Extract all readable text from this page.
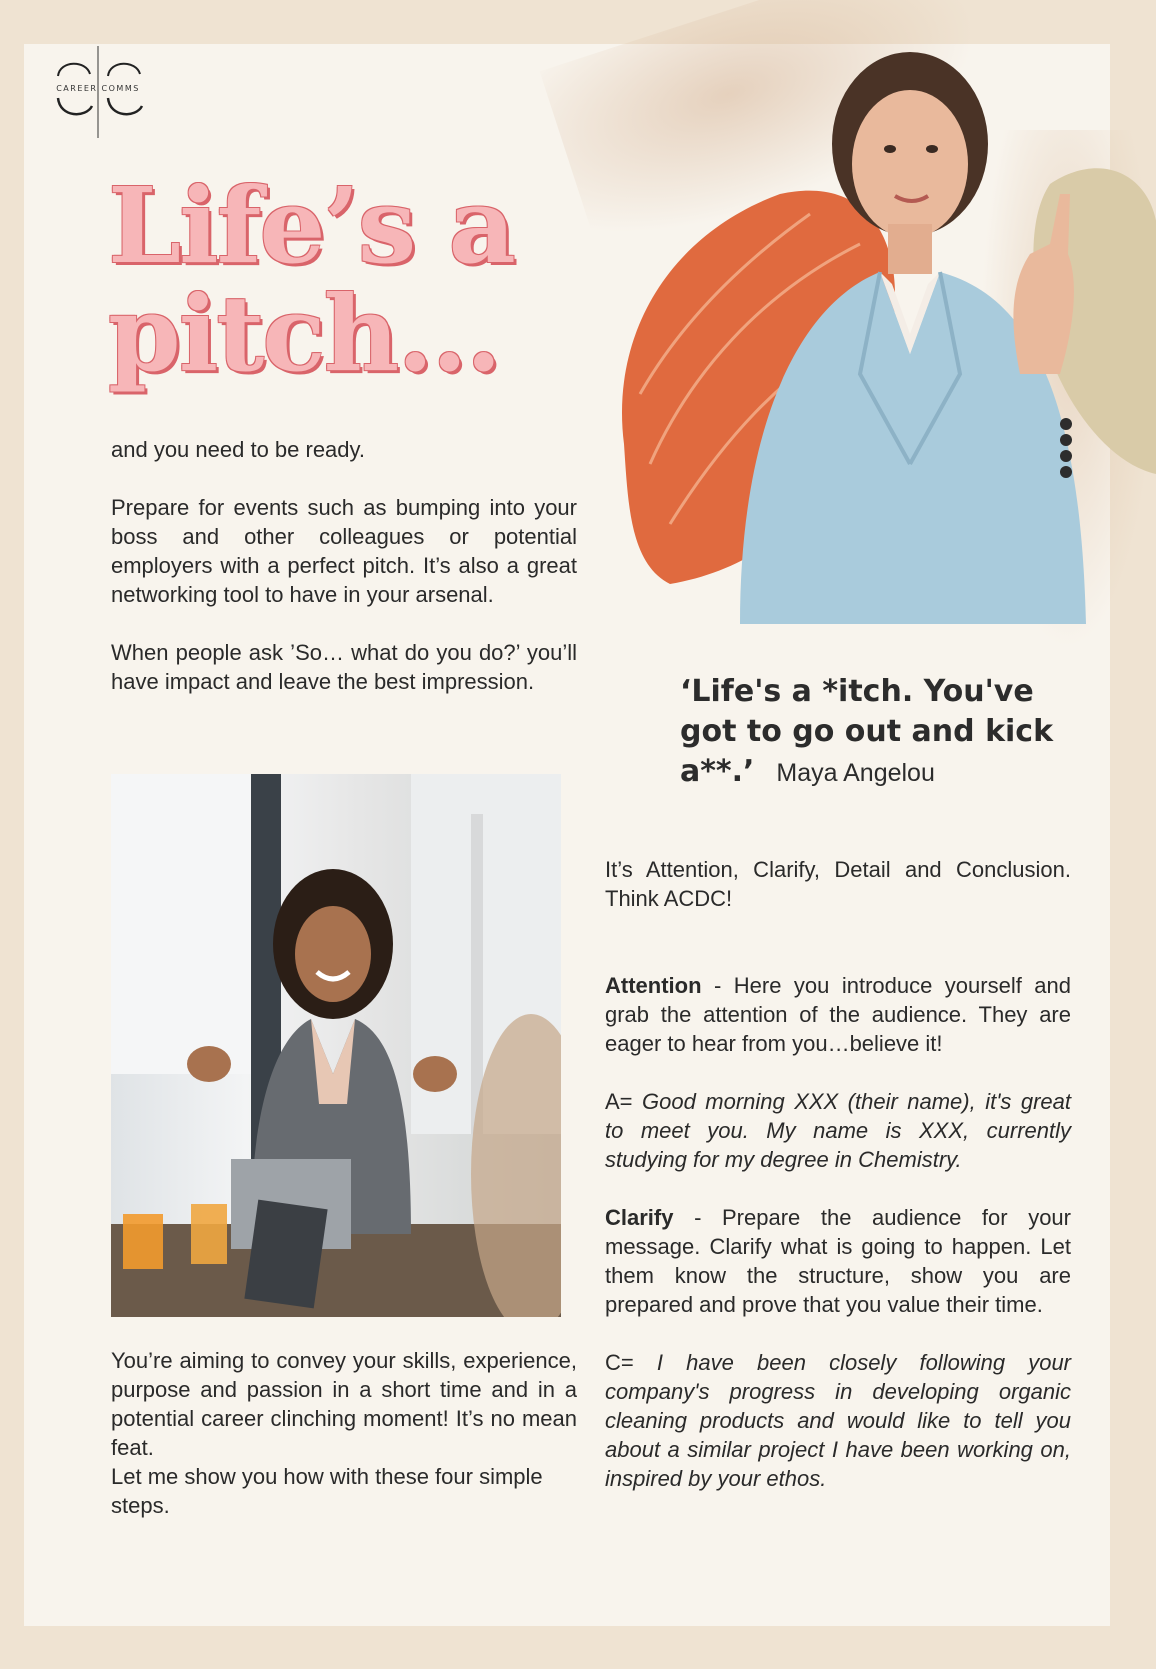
CAREER COMMS
Life’s a
pitch...

and you need to be ready.

Prepare for events such as bumping into your boss and other colleagues or potential employers with a perfect pitch. It’s also a great networking tool to have in your arsenal.

When people ask ’So… what do you do?’ you’ll have impact and leave the best impression.

You’re aiming to convey your skills, experience, purpose and passion in a short time and in a potential career clinching moment! It’s no mean feat.

Let me show you how with these four simple steps.

‘Life's a *itch. You've got to go out and kick a**.’ Maya Angelou

It’s Attention, Clarify, Detail and Conclusion. Think ACDC!

Attention - Here you introduce yourself and grab the attention of the audience. They are eager to hear from you…believe it!

A= Good morning XXX (their name), it's great to meet you. My name is XXX, currently studying for my degree in Chemistry.

Clarify - Prepare the audience for your message. Clarify what is going to happen. Let them know the structure, show you are prepared and prove that you value their time.

C= I have been closely following your company's progress in developing organic cleaning products and would like to tell you about a similar project I have been working on, inspired by your ethos.
